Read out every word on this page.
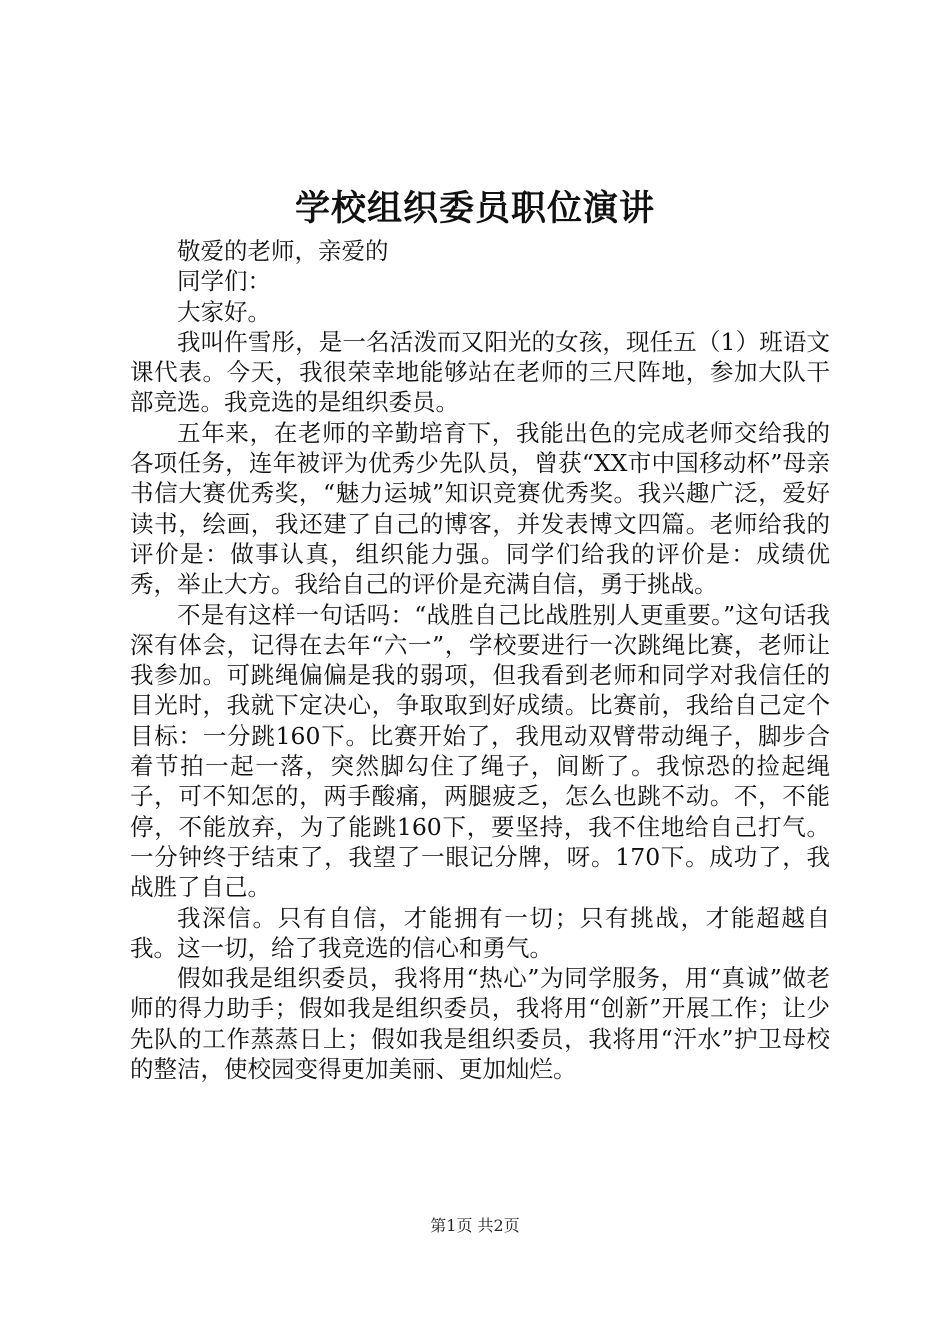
学校组织委员职位演讲

敬爱的老师，亲爱的

同学们：

大家好。

我叫仵雪彤，是一名活泼而又阳光的女孩，现任五（1）班语文课代表。今天，我很荣幸地能够站在老师的三尺阵地，参加大队干部竞选。我竞选的是组织委员。

五年来，在老师的辛勤培育下，我能出色的完成老师交给我的各项任务，连年被评为优秀少先队员，曾获“XX市中国移动杯”母亲书信大赛优秀奖，“魅力运城”知识竞赛优秀奖。我兴趣广泛，爱好读书，绘画，我还建了自己的博客，并发表博文四篇。老师给我的评价是：做事认真，组织能力强。同学们给我的评价是：成绩优秀，举止大方。我给自己的评价是充满自信，勇于挑战。

不是有这样一句话吗：“战胜自己比战胜别人更重要。”这句话我深有体会，记得在去年“六一”，学校要进行一次跳绳比赛，老师让我参加。可跳绳偏偏是我的弱项，但我看到老师和同学对我信任的目光时，我就下定决心，争取取到好成绩。比赛前，我给自己定个目标：一分跳160下。比赛开始了，我甩动双臂带动绳子，脚步合着节拍一起一落，突然脚勾住了绳子，间断了。我惊恐的捡起绳子，可不知怎的，两手酸痛，两腿疲乏，怎么也跳不动。不，不能停，不能放弃，为了能跳160下，要坚持，我不住地给自己打气。一分钟终于结束了，我望了一眼记分牌，呀。170下。成功了，我战胜了自己。

我深信。只有自信，才能拥有一切；只有挑战，才能超越自我。这一切，给了我竞选的信心和勇气。

假如我是组织委员，我将用“热心”为同学服务，用“真诚”做老师的得力助手；假如我是组织委员，我将用“创新”开展工作；让少先队的工作蒸蒸日上；假如我是组织委员，我将用“汗水”护卫母校的整洁，使校园变得更加美丽、更加灿烂。

第1页 共2页
